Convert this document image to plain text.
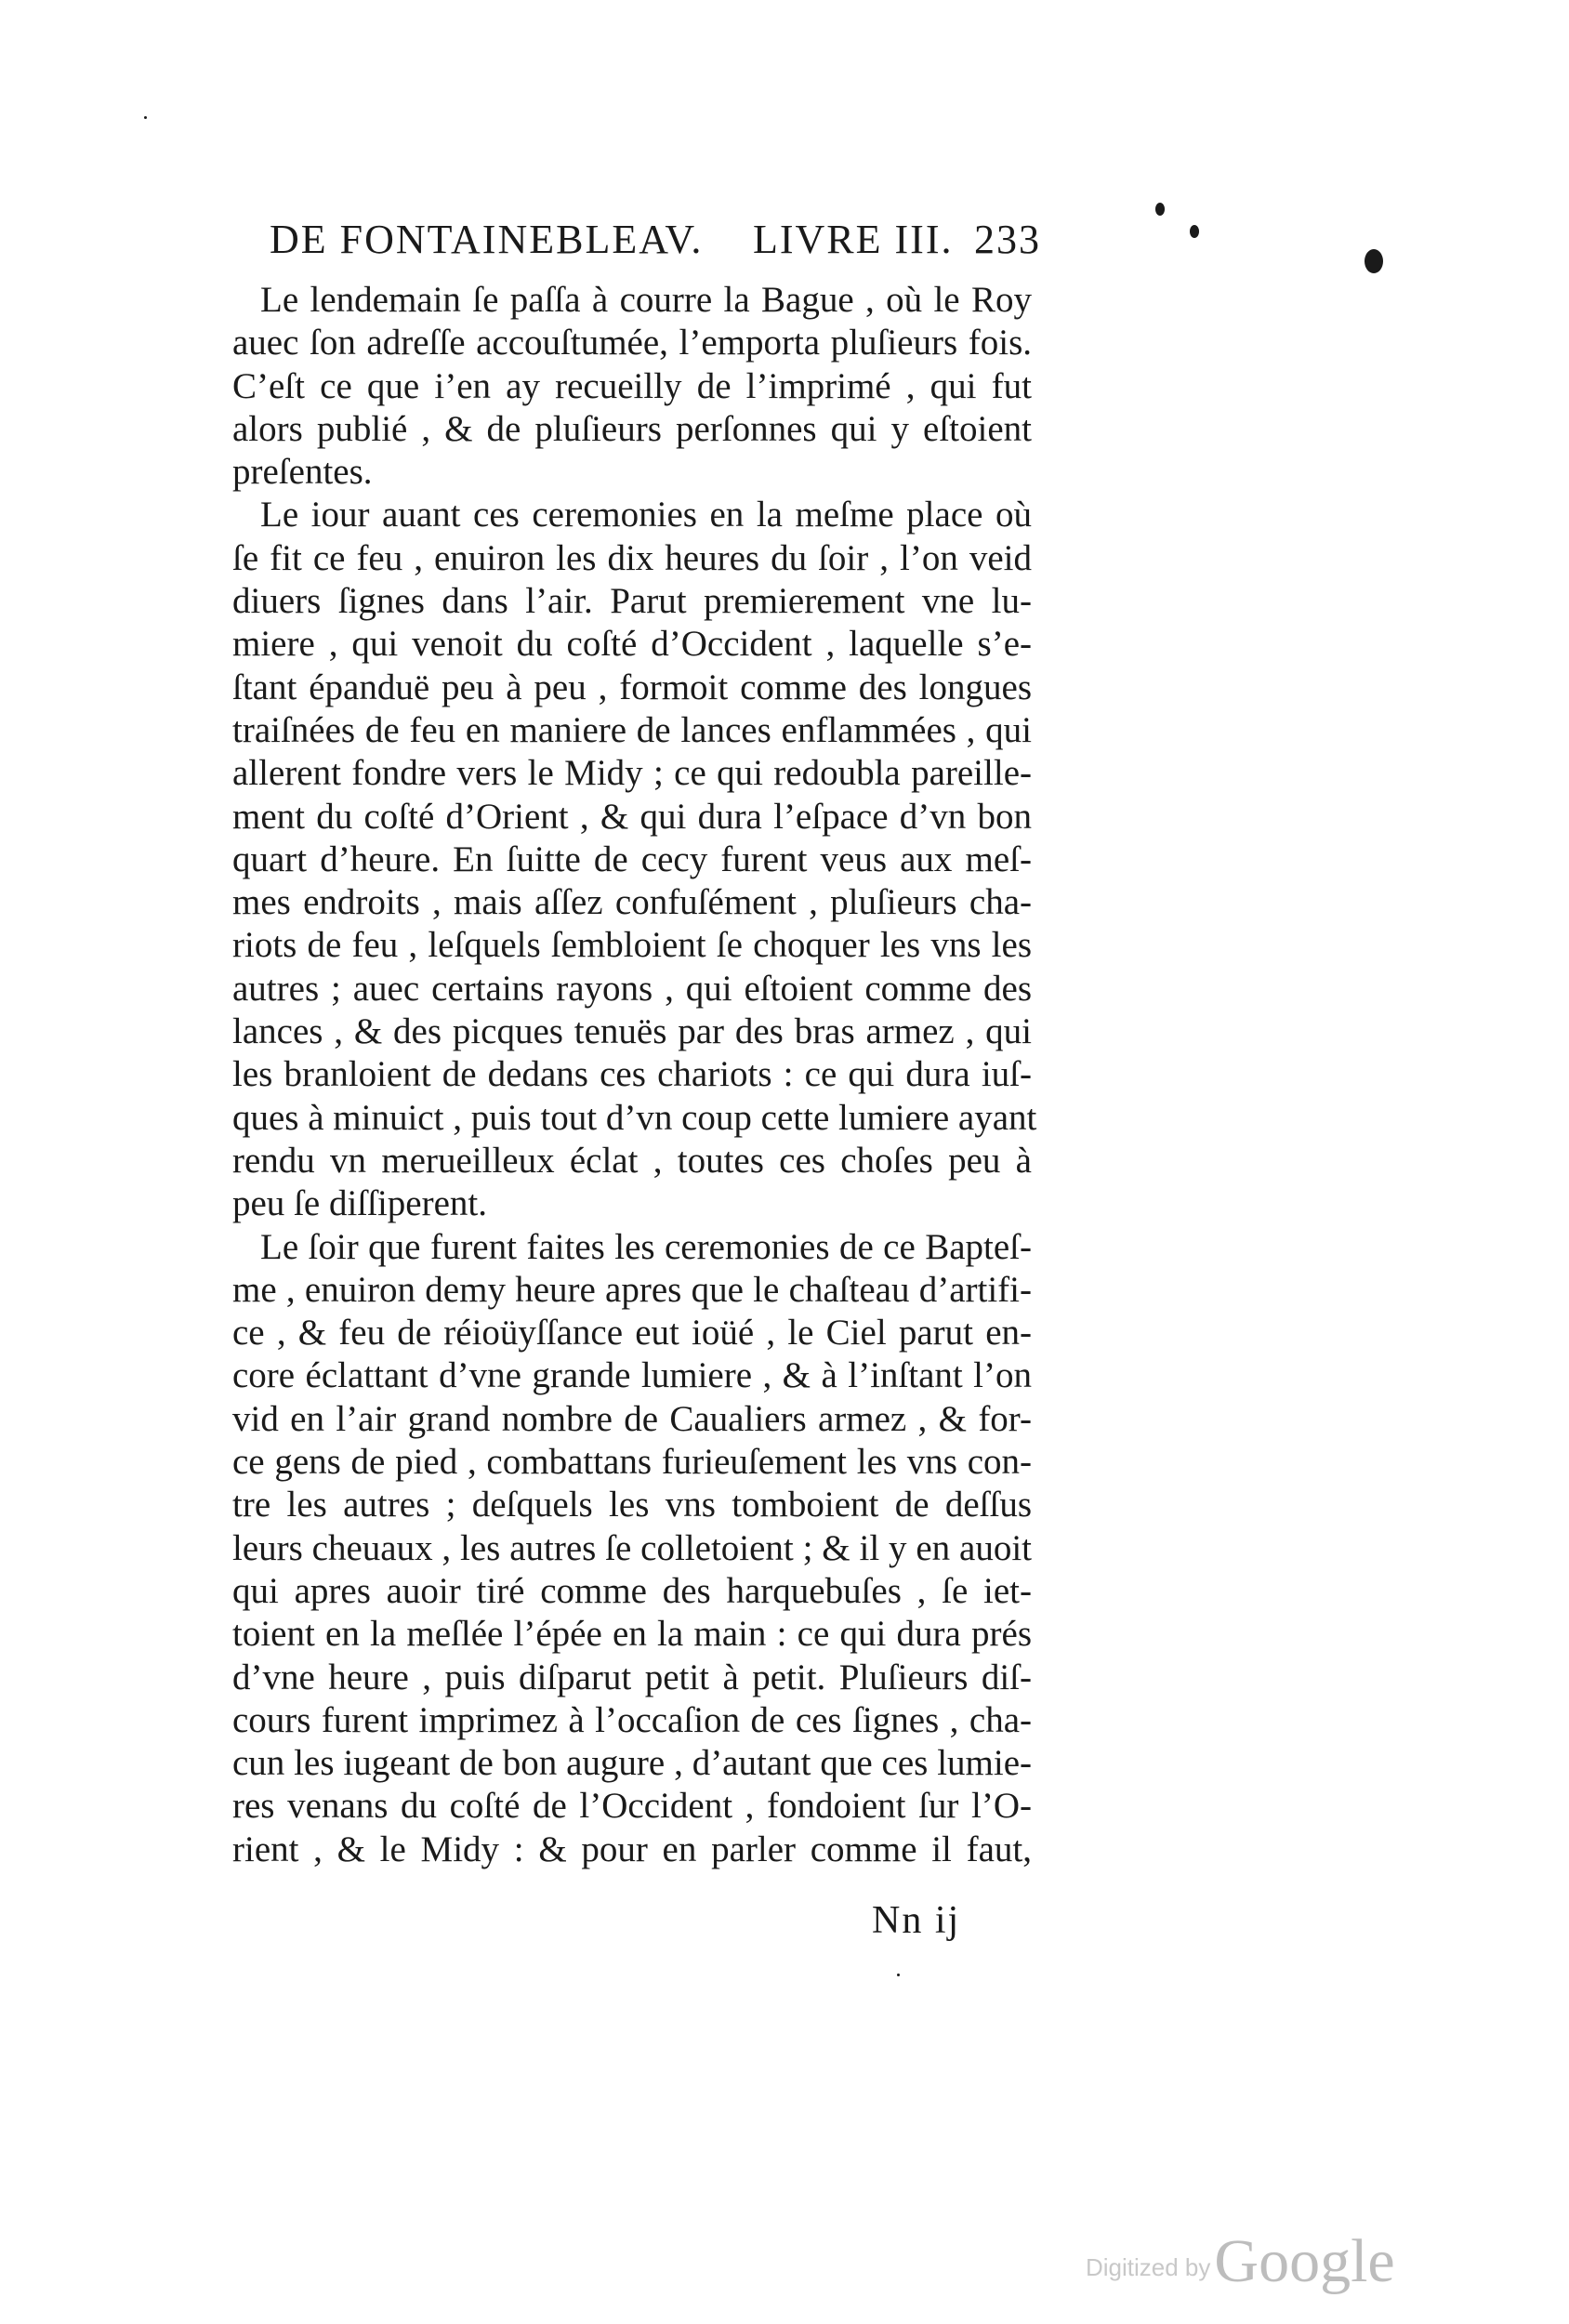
DE FONTAINEBLEAV. LIVRE III. 233
Le lendemain ſe paſſa à courre la Bague , où le Roy
auec ſon adreſſe accouſtumée, l’emporta pluſieurs fois.
C’eſt ce que i’en ay recueilly de l’imprimé , qui fut
alors publié , & de pluſieurs perſonnes qui y eſtoient
preſentes.
Le iour auant ces ceremonies en la meſme place où
ſe fit ce feu , enuiron les dix heures du ſoir , l’on veid
diuers ſignes dans l’air. Parut premierement vne lu-
miere , qui venoit du coſté d’Occident , laquelle s’e-
ſtant épanduë peu à peu , formoit comme des longues
traiſnées de feu en maniere de lances enflammées , qui
allerent fondre vers le Midy ; ce qui redoubla pareille-
ment du coſté d’Orient , & qui dura l’eſpace d’vn bon
quart d’heure. En ſuitte de cecy furent veus aux meſ-
mes endroits , mais aſſez confuſément , pluſieurs cha-
riots de feu , leſquels ſembloient ſe choquer les vns les
autres ; auec certains rayons , qui eſtoient comme des
lances , & des picques tenuës par des bras armez , qui
les branloient de dedans ces chariots : ce qui dura iuſ-
ques à minuict , puis tout d’vn coup cette lumiere ayant
rendu vn merueilleux éclat , toutes ces choſes peu à
peu ſe diſſiperent.
Le ſoir que furent faites les ceremonies de ce Bapteſ-
me , enuiron demy heure apres que le chaſteau d’artifi-
ce , & feu de réioüyſſance eut ioüé , le Ciel parut en-
core éclattant d’vne grande lumiere , & à l’inſtant l’on
vid en l’air grand nombre de Caualiers armez , & for-
ce gens de pied , combattans furieuſement les vns con-
tre les autres ; deſquels les vns tomboient de deſſus
leurs cheuaux , les autres ſe colletoient ; & il y en auoit
qui apres auoir tiré comme des harquebuſes , ſe iet-
toient en la meſlée l’épée en la main : ce qui dura prés
d’vne heure , puis diſparut petit à petit. Pluſieurs diſ-
cours furent imprimez à l’occaſion de ces ſignes , cha-
cun les iugeant de bon augure , d’autant que ces lumie-
res venans du coſté de l’Occident , fondoient ſur l’O-
rient , & le Midy : & pour en parler comme il faut,
Nn ij
Digitized by Google
